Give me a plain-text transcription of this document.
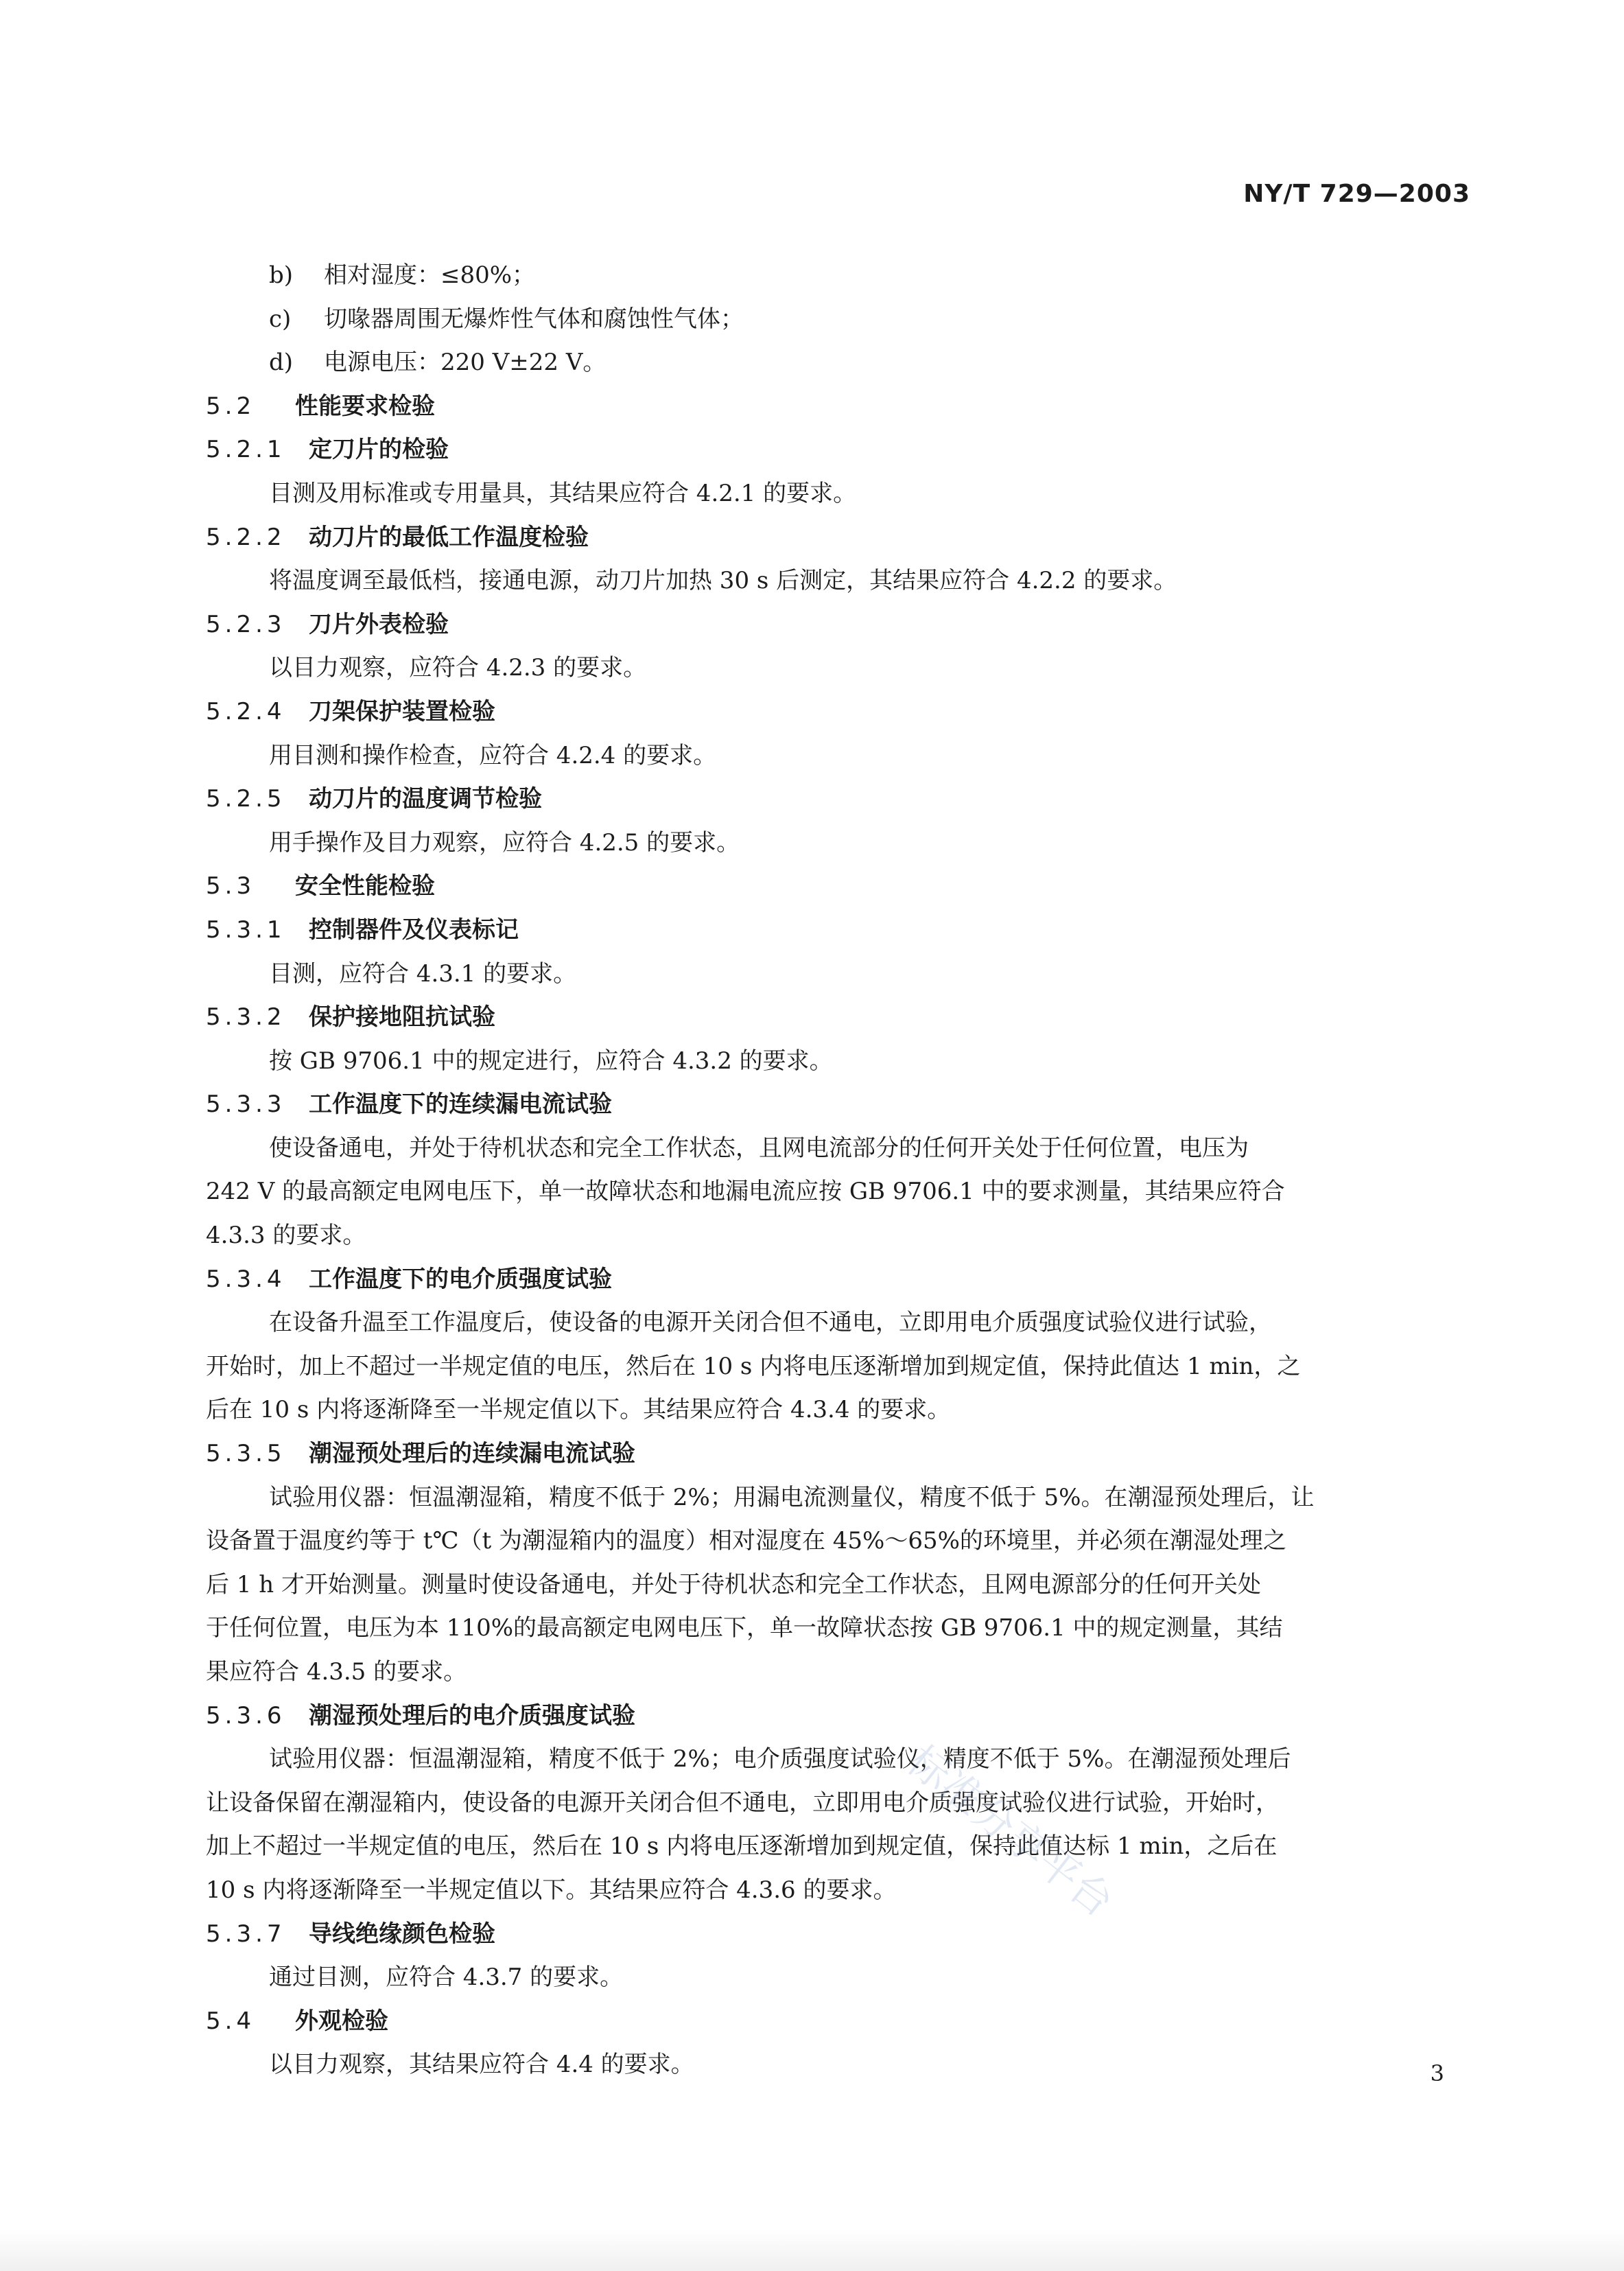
NY/T 729—2003
b) 相对湿度：≤80%；
c) 切喙器周围无爆炸性气体和腐蚀性气体；
d) 电源电压：220 V±22 V。
5.2 性能要求检验
5.2.1 定刀片的检验
目测及用标准或专用量具，其结果应符合 4.2.1 的要求。
5.2.2 动刀片的最低工作温度检验
将温度调至最低档，接通电源，动刀片加热 30 s 后测定，其结果应符合 4.2.2 的要求。
5.2.3 刀片外表检验
以目力观察，应符合 4.2.3 的要求。
5.2.4 刀架保护装置检验
用目测和操作检查，应符合 4.2.4 的要求。
5.2.5 动刀片的温度调节检验
用手操作及目力观察，应符合 4.2.5 的要求。
5.3 安全性能检验
5.3.1 控制器件及仪表标记
目测，应符合 4.3.1 的要求。
5.3.2 保护接地阻抗试验
按 GB 9706.1 中的规定进行，应符合 4.3.2 的要求。
5.3.3 工作温度下的连续漏电流试验
使设备通电，并处于待机状态和完全工作状态，且网电流部分的任何开关处于任何位置，电压为
242 V 的最高额定电网电压下，单一故障状态和地漏电流应按 GB 9706.1 中的要求测量，其结果应符合
4.3.3 的要求。
5.3.4 工作温度下的电介质强度试验
在设备升温至工作温度后，使设备的电源开关闭合但不通电，立即用电介质强度试验仪进行试验，
开始时，加上不超过一半规定值的电压，然后在 10 s 内将电压逐渐增加到规定值，保持此值达 1 min，之
后在 10 s 内将逐渐降至一半规定值以下。其结果应符合 4.3.4 的要求。
5.3.5 潮湿预处理后的连续漏电流试验
试验用仪器：恒温潮湿箱，精度不低于 2%；用漏电流测量仪，精度不低于 5%。在潮湿预处理后，让
设备置于温度约等于 t℃（t 为潮湿箱内的温度）相对湿度在 45%～65%的环境里，并必须在潮湿处理之
后 1 h 才开始测量。测量时使设备通电，并处于待机状态和完全工作状态，且网电源部分的任何开关处
于任何位置，电压为本 110%的最高额定电网电压下，单一故障状态按 GB 9706.1 中的规定测量，其结
果应符合 4.3.5 的要求。
5.3.6 潮湿预处理后的电介质强度试验
试验用仪器：恒温潮湿箱，精度不低于 2%；电介质强度试验仪，精度不低于 5%。在潮湿预处理后
让设备保留在潮湿箱内，使设备的电源开关闭合但不通电，立即用电介质强度试验仪进行试验，开始时，
加上不超过一半规定值的电压，然后在 10 s 内将电压逐渐增加到规定值，保持此值达标 1 min，之后在
10 s 内将逐渐降至一半规定值以下。其结果应符合 4.3.6 的要求。
5.3.7 导线绝缘颜色检验
通过目测，应符合 4.3.7 的要求。
5.4 外观检验
以目力观察，其结果应符合 4.4 的要求。
标准分享平台
3
